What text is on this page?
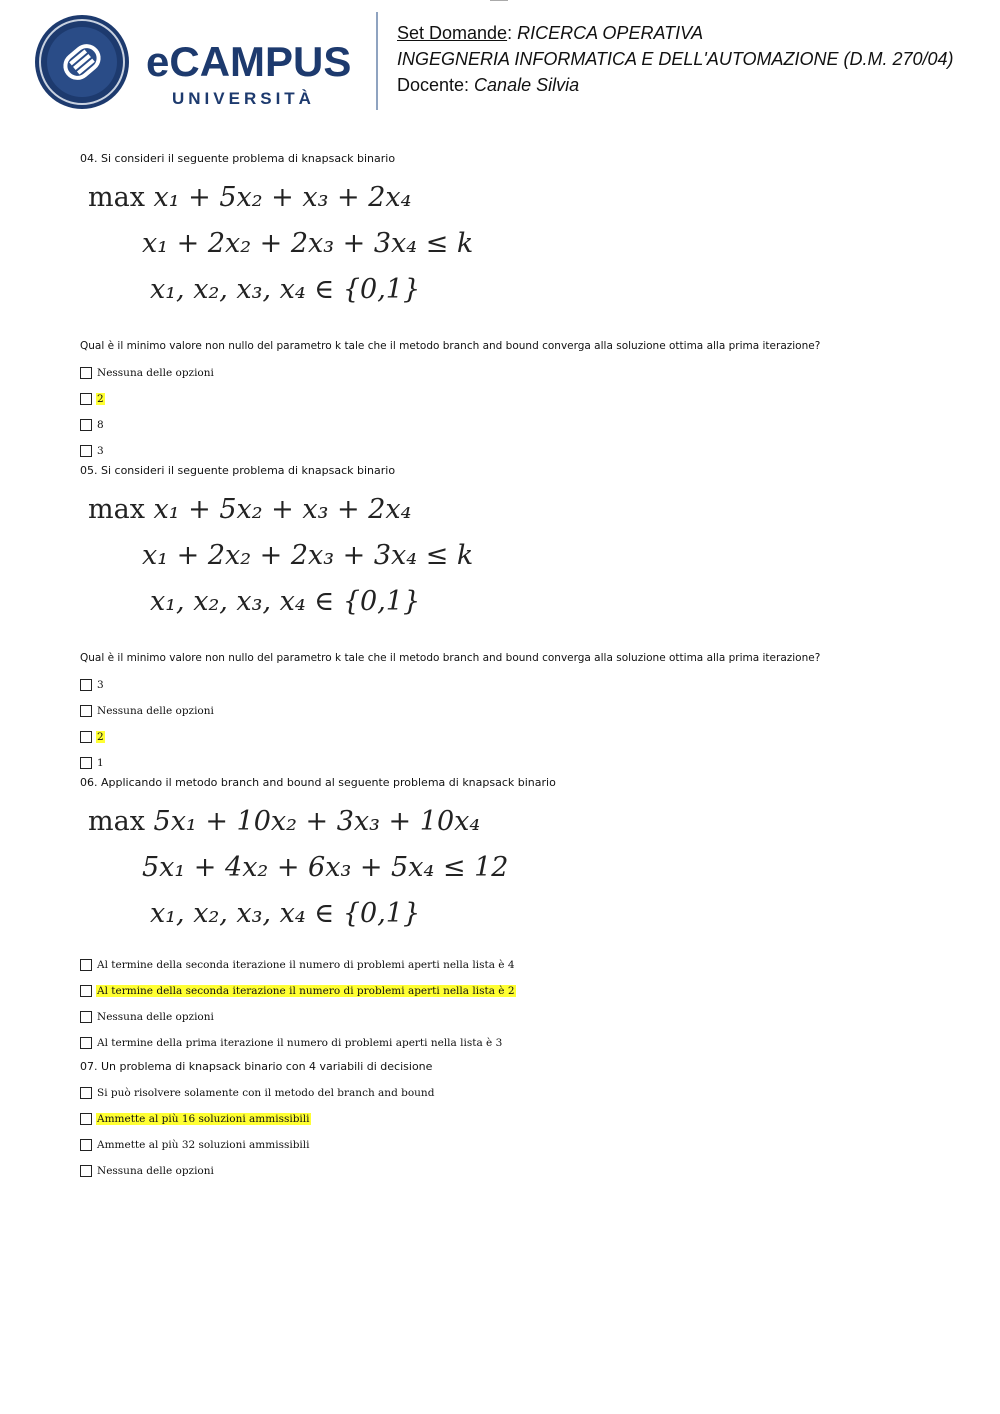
eCAMPUS
UNIVERSITÀ
Set Domande: RICERCA OPERATIVA
INGEGNERIA INFORMATICA E DELL'AUTOMAZIONE (D.M. 270/04)
Docente: Canale Silvia
04. Si consideri il seguente problema di knapsack binario
max x₁ + 5x₂ + x₃ + 2x₄
x₁ + 2x₂ + 2x₃ + 3x₄ ≤ k
x₁, x₂, x₃, x₄ ∈ {0,1}
Qual è il minimo valore non nullo del parametro k tale che il metodo branch and bound converga alla soluzione ottima alla prima iterazione?
Nessuna delle opzioni
2
8
3
05. Si consideri il seguente problema di knapsack binario
max x₁ + 5x₂ + x₃ + 2x₄
x₁ + 2x₂ + 2x₃ + 3x₄ ≤ k
x₁, x₂, x₃, x₄ ∈ {0,1}
Qual è il minimo valore non nullo del parametro k tale che il metodo branch and bound converga alla soluzione ottima alla prima iterazione?
3
Nessuna delle opzioni
2
1
06. Applicando il metodo branch and bound al seguente problema di knapsack binario
max 5x₁ + 10x₂ + 3x₃ + 10x₄
5x₁ + 4x₂ + 6x₃ + 5x₄ ≤ 12
x₁, x₂, x₃, x₄ ∈ {0,1}
Al termine della seconda iterazione il numero di problemi aperti nella lista è 4
Al termine della seconda iterazione il numero di problemi aperti nella lista è 2
Nessuna delle opzioni
Al termine della prima iterazione il numero di problemi aperti nella lista è 3
07. Un problema di knapsack binario con 4 variabili di decisione
Si può risolvere solamente con il metodo del branch and bound
Ammette al più 16 soluzioni ammissibili
Ammette al più 32 soluzioni ammissibili
Nessuna delle opzioni
